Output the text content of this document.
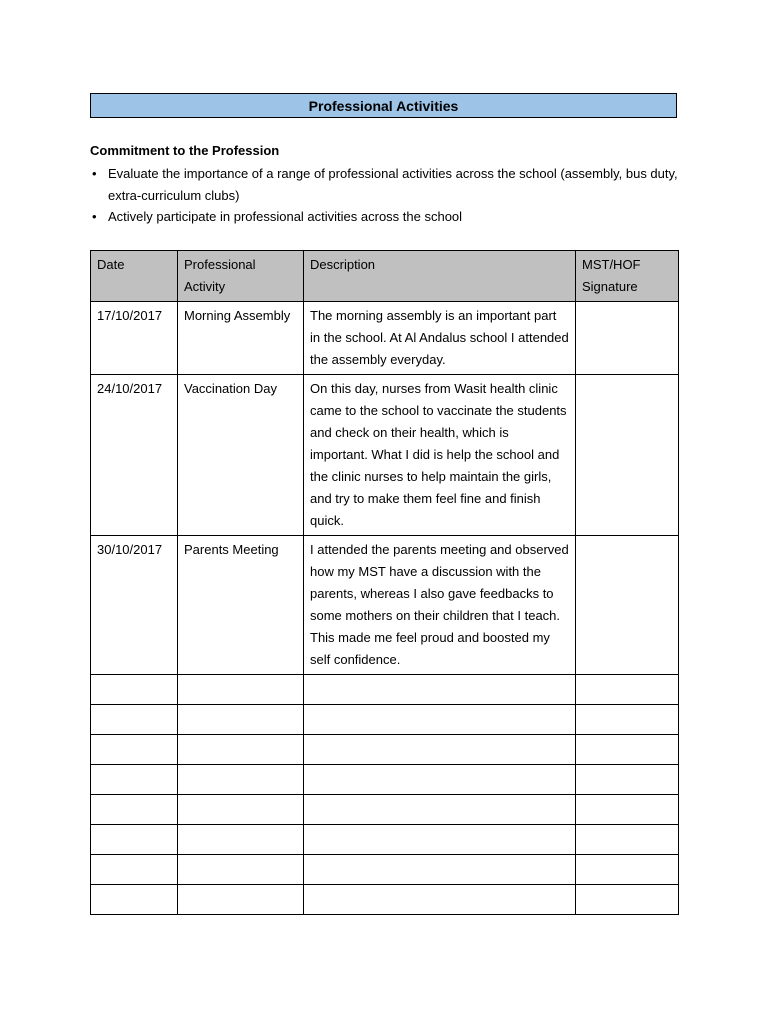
Professional Activities
Commitment to the Profession
• Evaluate the importance of a range of professional activities across the school (assembly, bus duty, extra-curriculum clubs)
• Actively participate in professional activities across the school
Date	Professional Activity	Description	MST/HOF Signature
17/10/2017	Morning Assembly	The morning assembly is an important part in the school. At Al Andalus school I attended the assembly everyday.	
24/10/2017	Vaccination Day	On this day, nurses from Wasit health clinic came to the school to vaccinate the students and check on their health, which is important. What I did is help the school and the clinic nurses to help maintain the girls, and try to make them feel fine and finish quick.	
30/10/2017	Parents Meeting	I attended the parents meeting and observed how my MST have a discussion with the parents, whereas I also gave feedbacks to some mothers on their children that I teach. This made me feel proud and boosted my self confidence.	
